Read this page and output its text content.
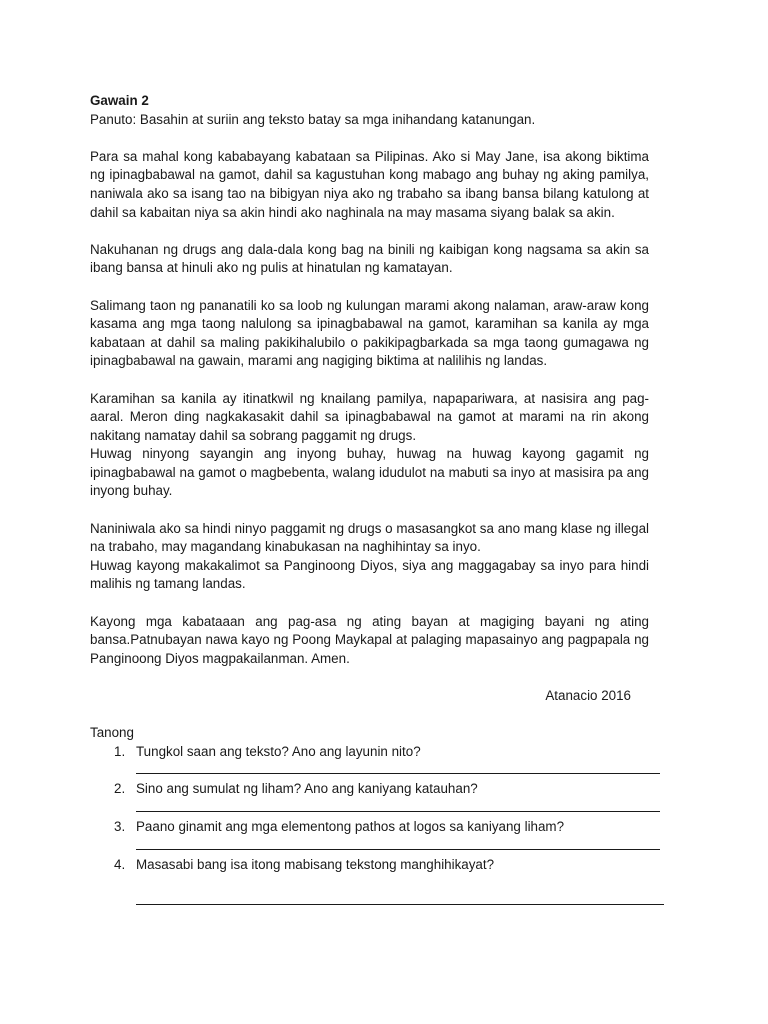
Gawain 2

Panuto: Basahin at suriin ang teksto batay sa mga inihandang katanungan.

Para sa mahal kong kababayang kabataan sa Pilipinas. Ako si May Jane, isa akong biktima ng ipinagbabawal na gamot, dahil sa kagustuhan kong mabago ang buhay ng aking pamilya, naniwala ako sa isang tao na bibigyan niya ako ng trabaho sa ibang bansa bilang katulong at dahil sa kabaitan niya sa akin hindi ako naghinala na may masama siyang balak sa akin.

Nakuhanan ng drugs ang dala-dala kong bag na binili ng kaibigan kong nagsama sa akin sa ibang bansa at hinuli ako ng pulis at hinatulan ng kamatayan.

Salimang taon ng pananatili ko sa loob ng kulungan marami akong nalaman, araw-araw kong kasama ang mga taong nalulong sa ipinagbabawal na gamot, karamihan sa kanila ay mga kabataan at dahil sa maling pakikihalubilo o pakikipagbarkada sa mga taong gumagawa ng ipinagbabawal na gawain, marami ang nagiging biktima at nalilihis ng landas.

Karamihan sa kanila ay itinatkwil ng knailang pamilya, napapariwara, at nasisira ang pag-aaral. Meron ding nagkakasakit dahil sa ipinagbabawal na gamot at marami na rin akong nakitang namatay dahil sa sobrang paggamit ng drugs.

Huwag ninyong sayangin ang inyong buhay, huwag na huwag kayong gagamit ng ipinagbabawal na gamot o magbebenta, walang idudulot na mabuti sa inyo at masisira pa ang inyong buhay.

Naniniwala ako sa hindi ninyo paggamit ng drugs o masasangkot sa ano mang klase ng illegal na trabaho, may magandang kinabukasan na naghihintay sa inyo.

Huwag kayong makakalimot sa Panginoong Diyos, siya ang maggagabay sa inyo para hindi malihis ng tamang landas.

Kayong mga kabataaan ang pag-asa ng ating bayan at magiging bayani ng ating bansa.Patnubayan nawa kayo ng Poong Maykapal at palaging mapasainyo ang pagpapala ng Panginoong Diyos magpakailanman. Amen.

Atanacio 2016

Tanong

1. Tungkol saan ang teksto? Ano ang layunin nito?
2. Sino ang sumulat ng liham? Ano ang kaniyang katauhan?
3. Paano ginamit ang mga elementong pathos at logos sa kaniyang liham?
4. Masasabi bang isa itong mabisang tekstong manghihikayat?
